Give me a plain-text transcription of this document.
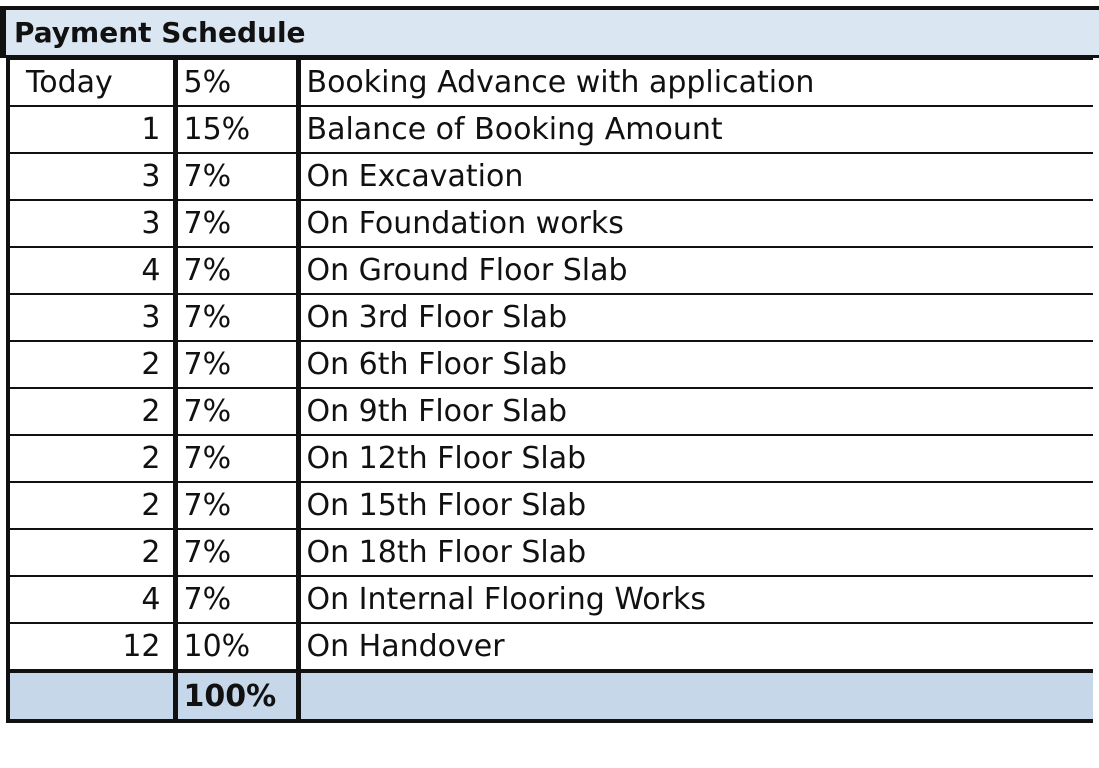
Payment Schedule
Today	5%	Booking Advance with application
1	15%	Balance of Booking Amount
3	7%	On Excavation
3	7%	On Foundation works
4	7%	On Ground Floor Slab
3	7%	On 3rd Floor Slab
2	7%	On 6th Floor Slab
2	7%	On 9th Floor Slab
2	7%	On 12th Floor Slab
2	7%	On 15th Floor Slab
2	7%	On 18th Floor Slab
4	7%	On Internal Flooring Works
12	10%	On Handover
	100%	
